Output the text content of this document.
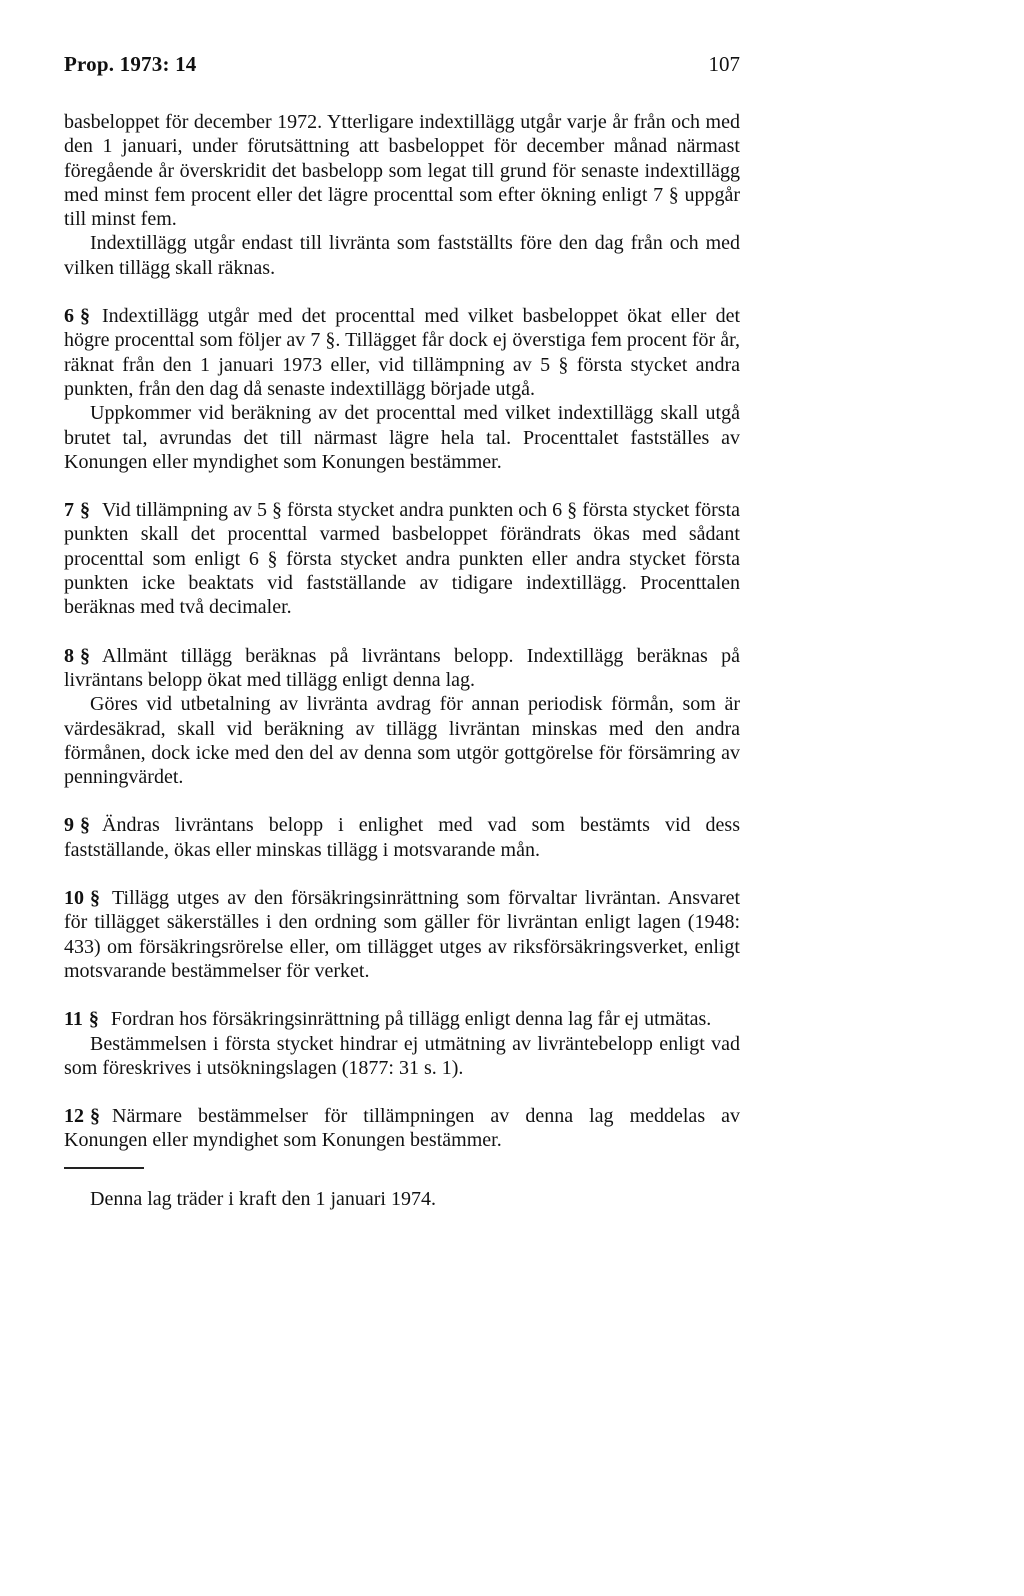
Prop. 1973: 14	107

basbeloppet för december 1972. Ytterligare indextillägg utgår varje år från och med den 1 januari, under förutsättning att basbeloppet för december månad närmast föregående år överskridit det basbelopp som legat till grund för senaste indextillägg med minst fem procent eller det lägre procenttal som efter ökning enligt 7 § uppgår till minst fem.

Indextillägg utgår endast till livränta som fastställts före den dag från och med vilken tillägg skall räknas.

6 § Indextillägg utgår med det procenttal med vilket basbeloppet ökat eller det högre procenttal som följer av 7 §. Tillägget får dock ej överstiga fem procent för år, räknat från den 1 januari 1973 eller, vid tillämpning av 5 § första stycket andra punkten, från den dag då senaste indextillägg började utgå.

Uppkommer vid beräkning av det procenttal med vilket indextillägg skall utgå brutet tal, avrundas det till närmast lägre hela tal. Procenttalet fastställes av Konungen eller myndighet som Konungen bestämmer.

7 § Vid tillämpning av 5 § första stycket andra punkten och 6 § första stycket första punkten skall det procenttal varmed basbeloppet förändrats ökas med sådant procenttal som enligt 6 § första stycket andra punkten eller andra stycket första punkten icke beaktats vid fastställande av tidigare indextillägg. Procenttalen beräknas med två decimaler.

8 § Allmänt tillägg beräknas på livräntans belopp. Indextillägg beräknas på livräntans belopp ökat med tillägg enligt denna lag.

Göres vid utbetalning av livränta avdrag för annan periodisk förmån, som är värdesäkrad, skall vid beräkning av tillägg livräntan minskas med den andra förmånen, dock icke med den del av denna som utgör gottgörelse för försämring av penningvärdet.

9 § Ändras livräntans belopp i enlighet med vad som bestämts vid dess fastställande, ökas eller minskas tillägg i motsvarande mån.

10 § Tillägg utges av den försäkringsinrättning som förvaltar livräntan. Ansvaret för tillägget säkerställes i den ordning som gäller för livräntan enligt lagen (1948: 433) om försäkringsrörelse eller, om tillägget utges av riksförsäkringsverket, enligt motsvarande bestämmelser för verket.

11 § Fordran hos försäkringsinrättning på tillägg enligt denna lag får ej utmätas.

Bestämmelsen i första stycket hindrar ej utmätning av livräntebelopp enligt vad som föreskrives i utsökningslagen (1877: 31 s. 1).

12 § Närmare bestämmelser för tillämpningen av denna lag meddelas av Konungen eller myndighet som Konungen bestämmer.

Denna lag träder i kraft den 1 januari 1974.
